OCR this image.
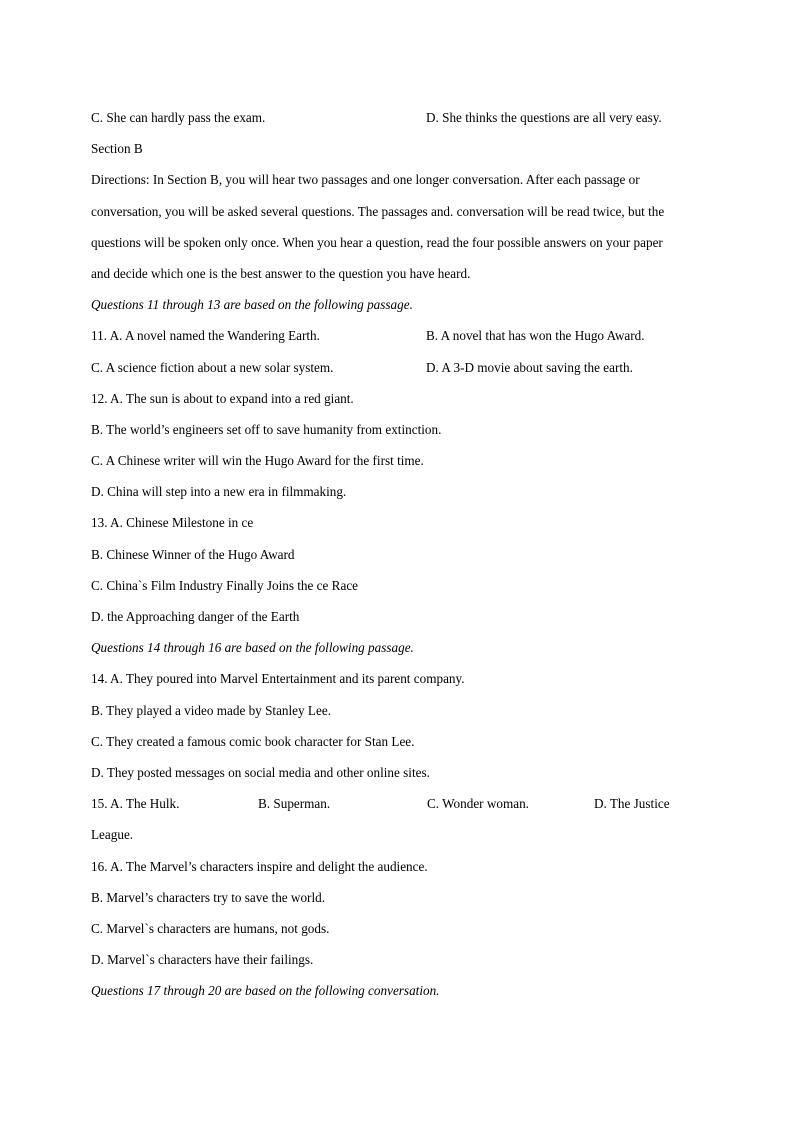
C. She can hardly pass the exam.	D. She thinks the questions are all very easy.
Section B
Directions: In Section B, you will hear two passages and one longer conversation. After each passage or
conversation, you will be asked several questions. The passages and. conversation will be read twice, but the
questions will be spoken only once. When you hear a question, read the four possible answers on your paper
and decide which one is the best answer to the question you have heard.
Questions 11 through 13 are based on the following passage.
11. A. A novel named the Wandering Earth.	B. A novel that has won the Hugo Award.
C. A science fiction about a new solar system.	D. A 3-D movie about saving the earth.
12. A. The sun is about to expand into a red giant.
B. The world’s engineers set off to save humanity from extinction.
C. A Chinese writer will win the Hugo Award for the first time.
D. China will step into a new era in filmmaking.
13. A. Chinese Milestone in ce
B. Chinese Winner of the Hugo Award
C. China`s Film Industry Finally Joins the ce Race
D. the Approaching danger of the Earth
Questions 14 through 16 are based on the following passage.
14. A. They poured into Marvel Entertainment and its parent company.
B. They played a video made by Stanley Lee.
C. They created a famous comic book character for Stan Lee.
D. They posted messages on social media and other online sites.
15. A. The Hulk.	B. Superman.	C. Wonder woman.	D. The Justice
League.
16. A. The Marvel’s characters inspire and delight the audience.
B. Marvel’s characters try to save the world.
C. Marvel`s characters are humans, not gods.
D. Marvel`s characters have their failings.
Questions 17 through 20 are based on the following conversation.
